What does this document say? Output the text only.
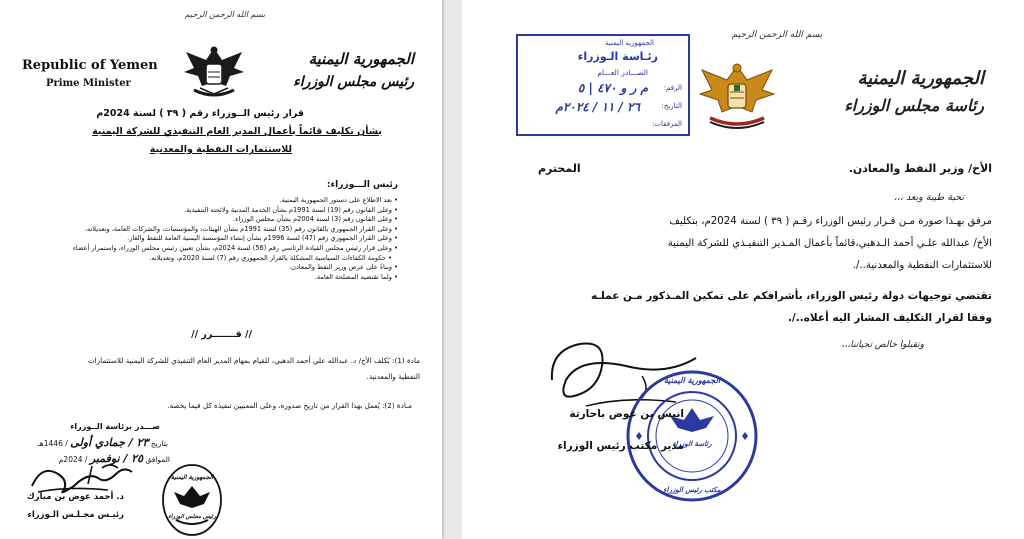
بسم الله الرحمن الرحيم
Republic of Yemen
Prime Minister
الجمهورية اليمنية
رئيس مجلس الوزراء
قرار رئيس الــوزراء رقم ( ٣٩ ) لسنة 2024م
بشأن تكليف قائماً بأعمال المدير العام التنفيذي للشركة اليمنية
للاستثمارات النفطية والمعدنية
رئيس الـــوزراء:
• بعد الاطلاع على دستور الجمهورية اليمنية.
• وعلى القانون رقم (19) لسنة 1991م بشأن الخدمة المدنية ولائحته التنفيذية.
• وعلى القانون رقم (3) لسنة 2004م بشأن مجلس الوزراء.
• وعلى القرار الجمهوري بالقانون رقم (35) لسنة 1991م بشأن الهيئات، والمؤسسات، والشركات العامة، وتعديلاته.
• وعلى القرار الجمهوري رقم (47) لسنة 1996م بشأن إنشاء المؤسسة اليمنية العامة للنفط والغاز.
• وعلى قرار رئيس مجلس القيادة الرئاسي رقم (56) لسنة 2024م، بشأن تعيين رئيس مجلس الوزراء، واستمرار أعضاء
• حكومة الكفاءات السياسية المشكلة بالقرار الجمهوري رقم (7) لسنة 2020م، وتعديلاته.
• وبناءً على عرض وزير النفط والمعادن.
• ولما تقتضيه المصلحة العامة.
// قـــــــرر //
مادة (1): يُكلف الأخ/ د. عبدالله علي أحمد الدهبي، للقيام بمهام المدير العام التنفيذي للشركة اليمنية للاستثمارات
النفطية والمعدنية.
مـادة (2): يُعمل بهذا القرار من تاريخ صدوره، وعلى المعنيين تنفيذه كل فيما يخصه.
صـــدر برئاسة الــوزراء
بتاريخ ٢٣ / جمادي أولى / 1446هـ
الموافق ٢٥ / نوفمبر / 2024م
د. أحمد عوض بن مبارك
رئيـس مجـلـس الـوزراء
الجمهورية اليمنية
رئيس مجلس الوزراء
بسم الله الرحمن الرحيم
الجمهورية اليمنية
رئـاسة الـوزراء
الصـــادر العـــام
الرقم:
م ر و ٤٧٠ | ٥
التاريخ:
٢٦ / ١١ / ٢٠٢٤م
المرفقات:
الجمهورية اليمنية
رئاسة مجلس الوزراء
الأخ/ وزير النفط والمعادن.
المحترم
تحية طيبة وبعد ،،،
مرفق بهـذا صورة مـن قـرار رئيس الوزراء رقـم ( ٣٩ ) لسنة 2024م، بتكليف
الأخ/ عبدالله علـي أحمد الـدهبي،قائماً بأعمال المـدير التنفيـذي للشركة اليمنية
للاستثمارات النفطية والمعدنية../.
تقتضي توجيهات دولة رئيس الوزراء، بأشرافكم على تمكين المـذكور مـن عملـه
وفقا لقرار التكليف المشار اليه أعلاه../.
وتقبلوا خالص تحياتنا،،،
الجمهورية اليمنية
رئاسة الوزراء
مكتب رئيس الوزراء
انيس بن عوض باحارثة
مدير مكتب رئيس الوزراء
